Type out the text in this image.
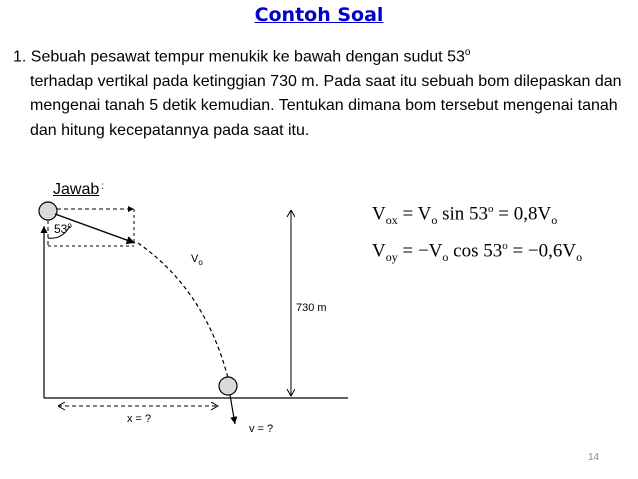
Contoh Soal
1. Sebuah pesawat tempur menukik ke bawah dengan sudut 53$^o$
terhadap vertikal pada ketinggian 730 m. Pada saat itu sebuah bom dilepaskan dan mengenai tanah 5 detik kemudian. Tentukan dimana bom tersebut mengenai tanah dan hitung kecepatannya pada saat itu.
Jawab :
53$^o$
$V_o$
730 m
x = ?
v = ?
$V_{ox} = V_o$ $\sin 53^o = 0,8V_o$
$V_{oy} = -V_o$ $\cos 53^o = -0,6V_o$
14
